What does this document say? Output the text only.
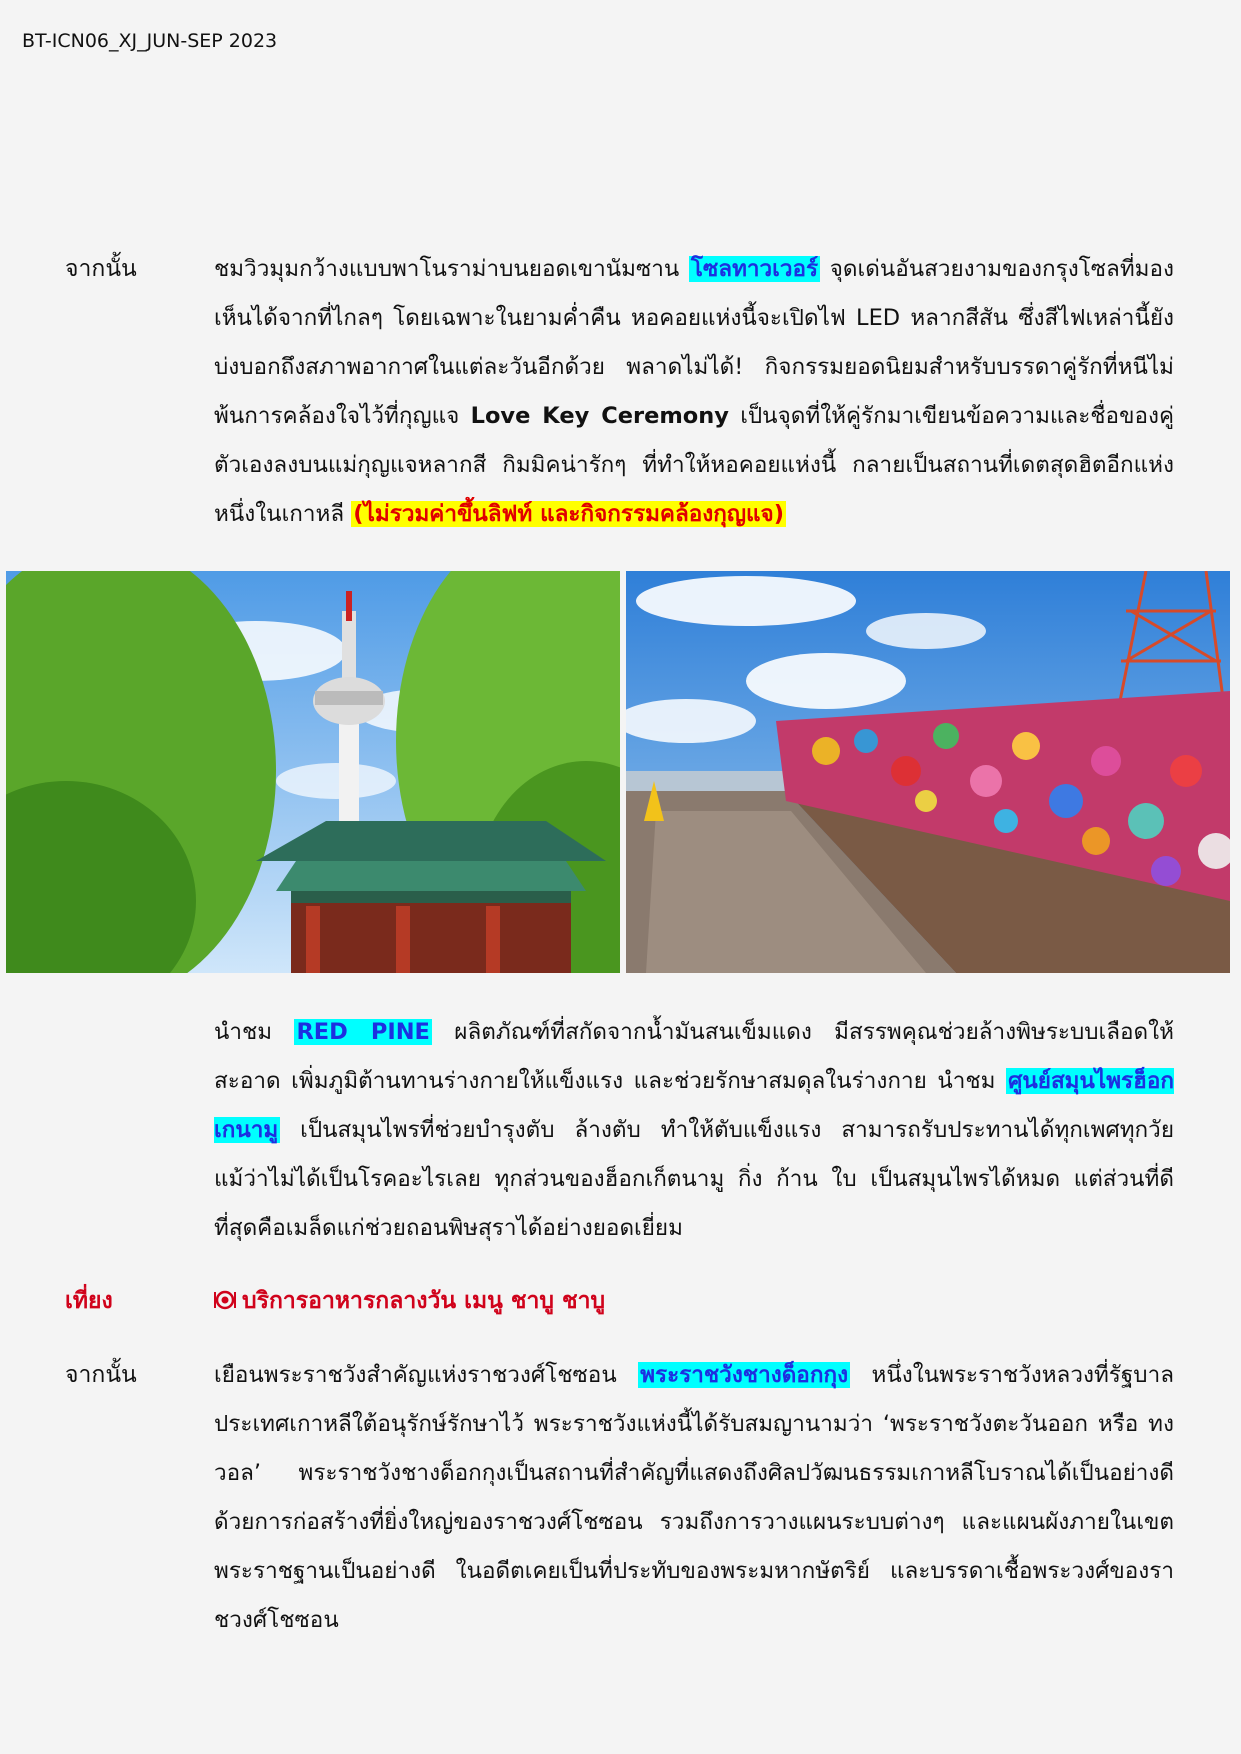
BT-ICN06_XJ_JUN-SEP 2023
จากนั้น	ชมวิวมุมกว้างแบบพาโนราม่าบนยอดเขานัมซาน โซลทาวเวอร์ จุดเด่นอันสวยงามของกรุงโซลที่มองเห็นได้จากที่ไกลๆ โดยเฉพาะในยามค่ำคืน หอคอยแห่งนี้จะเปิดไฟ LED หลากสีสัน ซึ่งสีไฟเหล่านี้ยังบ่งบอกถึงสภาพอากาศในแต่ละวันอีกด้วย พลาดไม่ได้! กิจกรรมยอดนิยมสำหรับบรรดาคู่รักที่หนีไม่พ้นการคล้องใจไว้ที่กุญแจ Love Key Ceremony เป็นจุดที่ให้คู่รักมาเขียนข้อความและชื่อของคู่ตัวเองลงบนแม่กุญแจหลากสี กิมมิคน่ารักๆ ที่ทำให้หอคอยแห่งนี้ กลายเป็นสถานที่เดตสุดฮิตอีกแห่งหนึ่งในเกาหลี (ไม่รวมค่าขึ้นลิฟท์ และกิจกรรมคล้องกุญแจ)
นำชม RED PINE ผลิตภัณฑ์ที่สกัดจากน้ำมันสนเข็มแดง มีสรรพคุณช่วยล้างพิษระบบเลือดให้สะอาด เพิ่มภูมิต้านทานร่างกายให้แข็งแรง และช่วยรักษาสมดุลในร่างกาย นำชม ศูนย์สมุนไพรฮ็อกเกนามู เป็นสมุนไพรที่ช่วยบำรุงตับ ล้างตับ ทำให้ตับแข็งแรง สามารถรับประทานได้ทุกเพศทุกวัย แม้ว่าไม่ได้เป็นโรคอะไรเลย ทุกส่วนของฮ็อกเก็ตนามู กิ่ง ก้าน ใบ เป็นสมุนไพรได้หมด แต่ส่วนที่ดีที่สุดคือเมล็ดแก่ช่วยถอนพิษสุราได้อย่างยอดเยี่ยม
เที่ยง	บริการอาหารกลางวัน เมนู ชาบู ชาบู
จากนั้น	เยือนพระราชวังสำคัญแห่งราชวงศ์โชซอน พระราชวังชางด็อกกุง หนึ่งในพระราชวังหลวงที่รัฐบาลประเทศเกาหลีใต้อนุรักษ์รักษาไว้ พระราชวังแห่งนี้ได้รับสมญานามว่า ‘พระราชวังตะวันออก หรือ ทงวอล’ พระราชวังชางด็อกกุงเป็นสถานที่สำคัญที่แสดงถึงศิลปวัฒนธรรมเกาหลีโบราณได้เป็นอย่างดี ด้วยการก่อสร้างที่ยิ่งใหญ่ของราชวงศ์โชซอน รวมถึงการวางแผนระบบต่างๆ และแผนผังภายในเขตพระราชฐานเป็นอย่างดี ในอดีตเคยเป็นที่ประทับของพระมหากษัตริย์ และบรรดาเชื้อพระวงศ์ของราชวงศ์โชซอน
